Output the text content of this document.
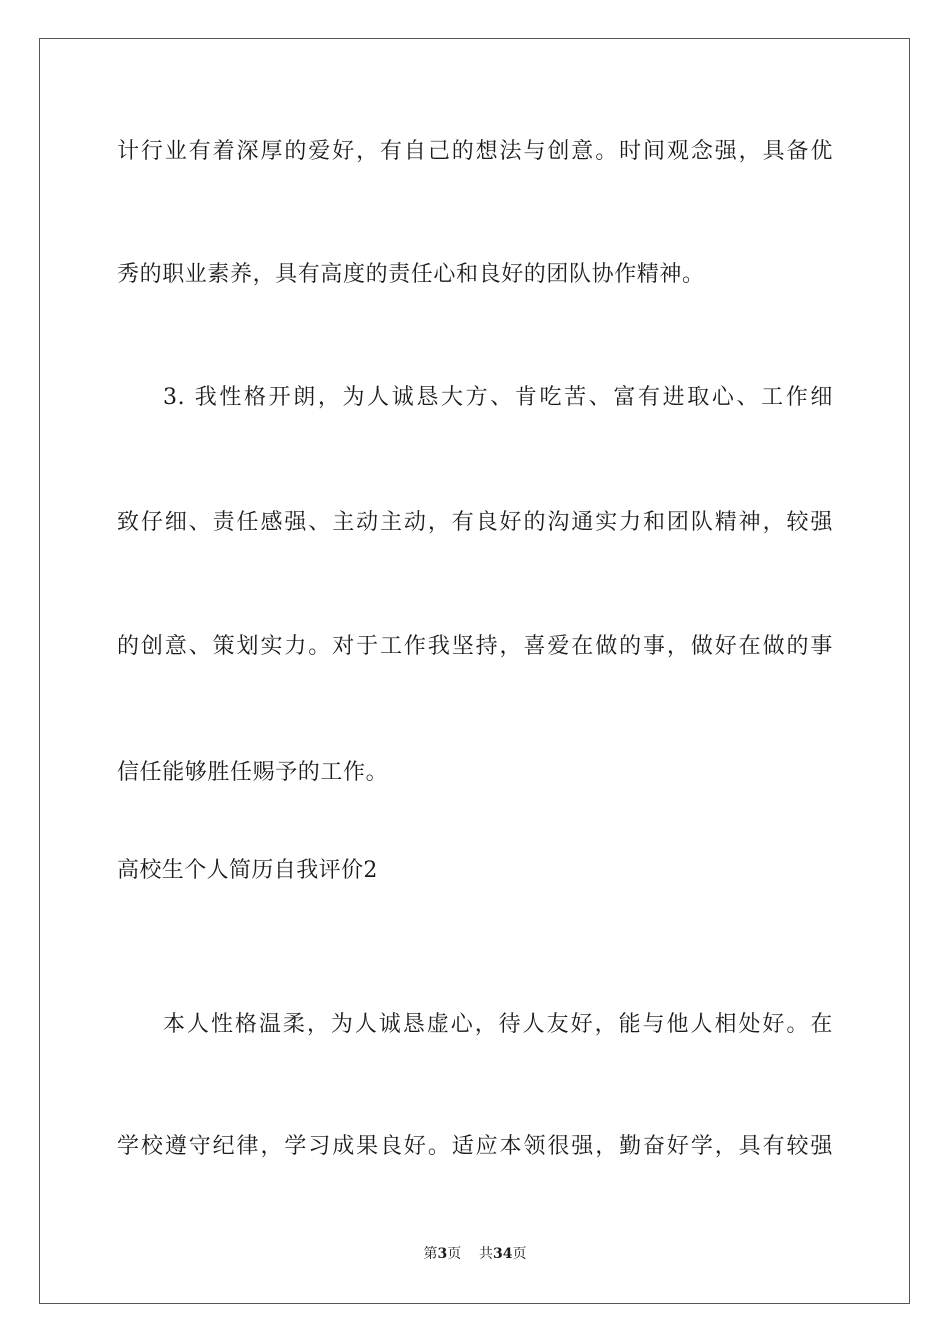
计行业有着深厚的爱好，有自己的想法与创意。时间观念强，具备优

秀的职业素养，具有高度的责任心和良好的团队协作精神。

3. 我性格开朗，为人诚恳大方、肯吃苦、富有进取心、工作细

致仔细、责任感强、主动主动，有良好的沟通实力和团队精神，较强

的创意、策划实力。对于工作我坚持，喜爱在做的事，做好在做的事

信任能够胜任赐予的工作。

高校生个人简历自我评价2

本人性格温柔，为人诚恳虚心，待人友好，能与他人相处好。在

学校遵守纪律，学习成果良好。适应本领很强，勤奋好学，具有较强

第3页 共34页
